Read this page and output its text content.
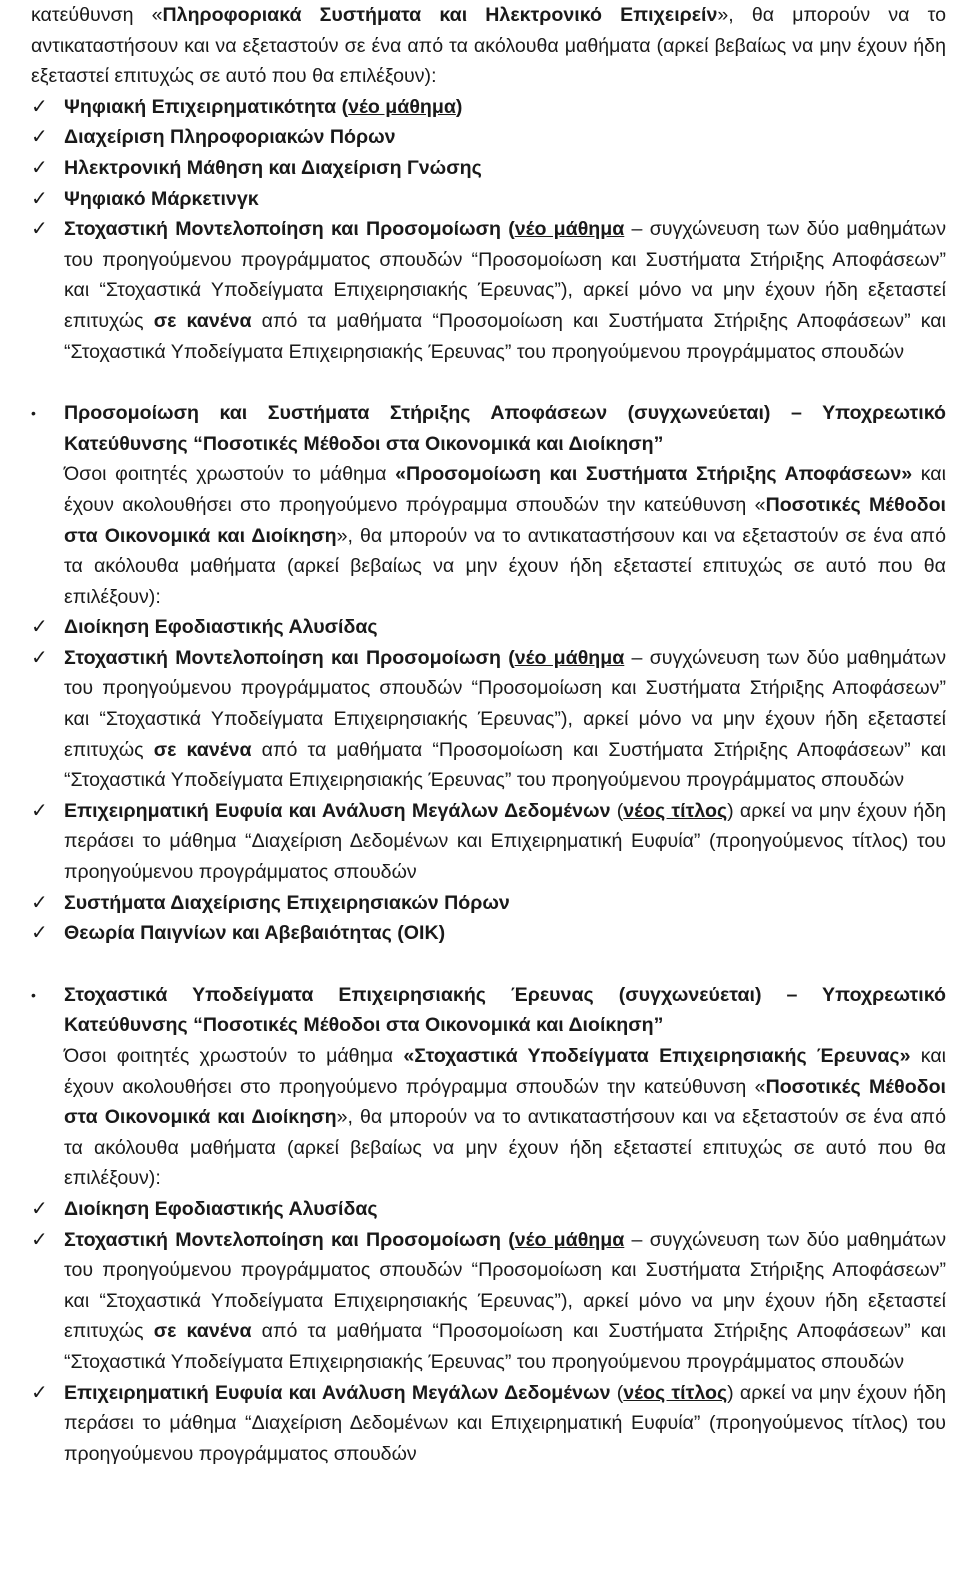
κατεύθυνση «Πληροφοριακά Συστήματα και Ηλεκτρονικό Επιχειρείν», θα μπορούν να το αντικαταστήσουν και να εξεταστούν σε ένα από τα ακόλουθα μαθήματα (αρκεί βεβαίως να μην έχουν ήδη εξεταστεί επιτυχώς σε αυτό που θα επιλέξουν):

✓ Ψηφιακή Επιχειρηματικότητα (νέο μάθημα)
✓ Διαχείριση Πληροφοριακών Πόρων
✓ Ηλεκτρονική Μάθηση και Διαχείριση Γνώσης
✓ Ψηφιακό Μάρκετινγκ
✓ Στοχαστική Μοντελοποίηση και Προσομοίωση (νέο μάθημα – συγχώνευση των δύο μαθημάτων του προηγούμενου προγράμματος σπουδών “Προσομοίωση και Συστήματα Στήριξης Αποφάσεων” και “Στοχαστικά Υποδείγματα Επιχειρησιακής Έρευνας”), αρκεί μόνο να μην έχουν ήδη εξεταστεί επιτυχώς σε κανένα από τα μαθήματα “Προσομοίωση και Συστήματα Στήριξης Αποφάσεων” και “Στοχαστικά Υποδείγματα Επιχειρησιακής Έρευνας” του προηγούμενου προγράμματος σπουδών
•	Προσομοίωση και Συστήματα Στήριξης Αποφάσεων (συγχωνεύεται) – Υποχρεωτικό Κατεύθυνσης “Ποσοτικές Μέθοδοι στα Οικονομικά και Διοίκηση”

Όσοι φοιτητές χρωστούν το μάθημα «Προσομοίωση και Συστήματα Στήριξης Αποφάσεων» και έχουν ακολουθήσει στο προηγούμενο πρόγραμμα σπουδών την κατεύθυνση «Ποσοτικές Μέθοδοι στα Οικονομικά και Διοίκηση», θα μπορούν να το αντικαταστήσουν και να εξεταστούν σε ένα από τα ακόλουθα μαθήματα (αρκεί βεβαίως να μην έχουν ήδη εξεταστεί επιτυχώς σε αυτό που θα επιλέξουν):

✓ Διοίκηση Εφοδιαστικής Αλυσίδας
✓ Στοχαστική Μοντελοποίηση και Προσομοίωση (νέο μάθημα – συγχώνευση των δύο μαθημάτων του προηγούμενου προγράμματος σπουδών “Προσομοίωση και Συστήματα Στήριξης Αποφάσεων” και “Στοχαστικά Υποδείγματα Επιχειρησιακής Έρευνας”), αρκεί μόνο να μην έχουν ήδη εξεταστεί επιτυχώς σε κανένα από τα μαθήματα “Προσομοίωση και Συστήματα Στήριξης Αποφάσεων” και “Στοχαστικά Υποδείγματα Επιχειρησιακής Έρευνας” του προηγούμενου προγράμματος σπουδών
✓ Επιχειρηματική Ευφυία και Ανάλυση Μεγάλων Δεδομένων (νέος τίτλος) αρκεί να μην έχουν ήδη περάσει το μάθημα “Διαχείριση Δεδομένων και Επιχειρηματική Ευφυία” (προηγούμενος τίτλος) του προηγούμενου προγράμματος σπουδών
✓ Συστήματα Διαχείρισης Επιχειρησιακών Πόρων
✓ Θεωρία Παιγνίων και Αβεβαιότητας (ΟΙΚ)
•	Στοχαστικά Υποδείγματα Επιχειρησιακής Έρευνας (συγχωνεύεται) – Υποχρεωτικό Κατεύθυνσης “Ποσοτικές Μέθοδοι στα Οικονομικά και Διοίκηση”

Όσοι φοιτητές χρωστούν το μάθημα «Στοχαστικά Υποδείγματα Επιχειρησιακής Έρευνας» και έχουν ακολουθήσει στο προηγούμενο πρόγραμμα σπουδών την κατεύθυνση «Ποσοτικές Μέθοδοι στα Οικονομικά και Διοίκηση», θα μπορούν να το αντικαταστήσουν και να εξεταστούν σε ένα από τα ακόλουθα μαθήματα (αρκεί βεβαίως να μην έχουν ήδη εξεταστεί επιτυχώς σε αυτό που θα επιλέξουν):

✓ Διοίκηση Εφοδιαστικής Αλυσίδας
✓ Στοχαστική Μοντελοποίηση και Προσομοίωση (νέο μάθημα – συγχώνευση των δύο μαθημάτων του προηγούμενου προγράμματος σπουδών “Προσομοίωση και Συστήματα Στήριξης Αποφάσεων” και “Στοχαστικά Υποδείγματα Επιχειρησιακής Έρευνας”), αρκεί μόνο να μην έχουν ήδη εξεταστεί επιτυχώς σε κανένα από τα μαθήματα “Προσομοίωση και Συστήματα Στήριξης Αποφάσεων” και “Στοχαστικά Υποδείγματα Επιχειρησιακής Έρευνας” του προηγούμενου προγράμματος σπουδών
✓ Επιχειρηματική Ευφυία και Ανάλυση Μεγάλων Δεδομένων (νέος τίτλος) αρκεί να μην έχουν ήδη περάσει το μάθημα “Διαχείριση Δεδομένων και Επιχειρηματική Ευφυία” (προηγούμενος τίτλος) του προηγούμενου προγράμματος σπουδών
